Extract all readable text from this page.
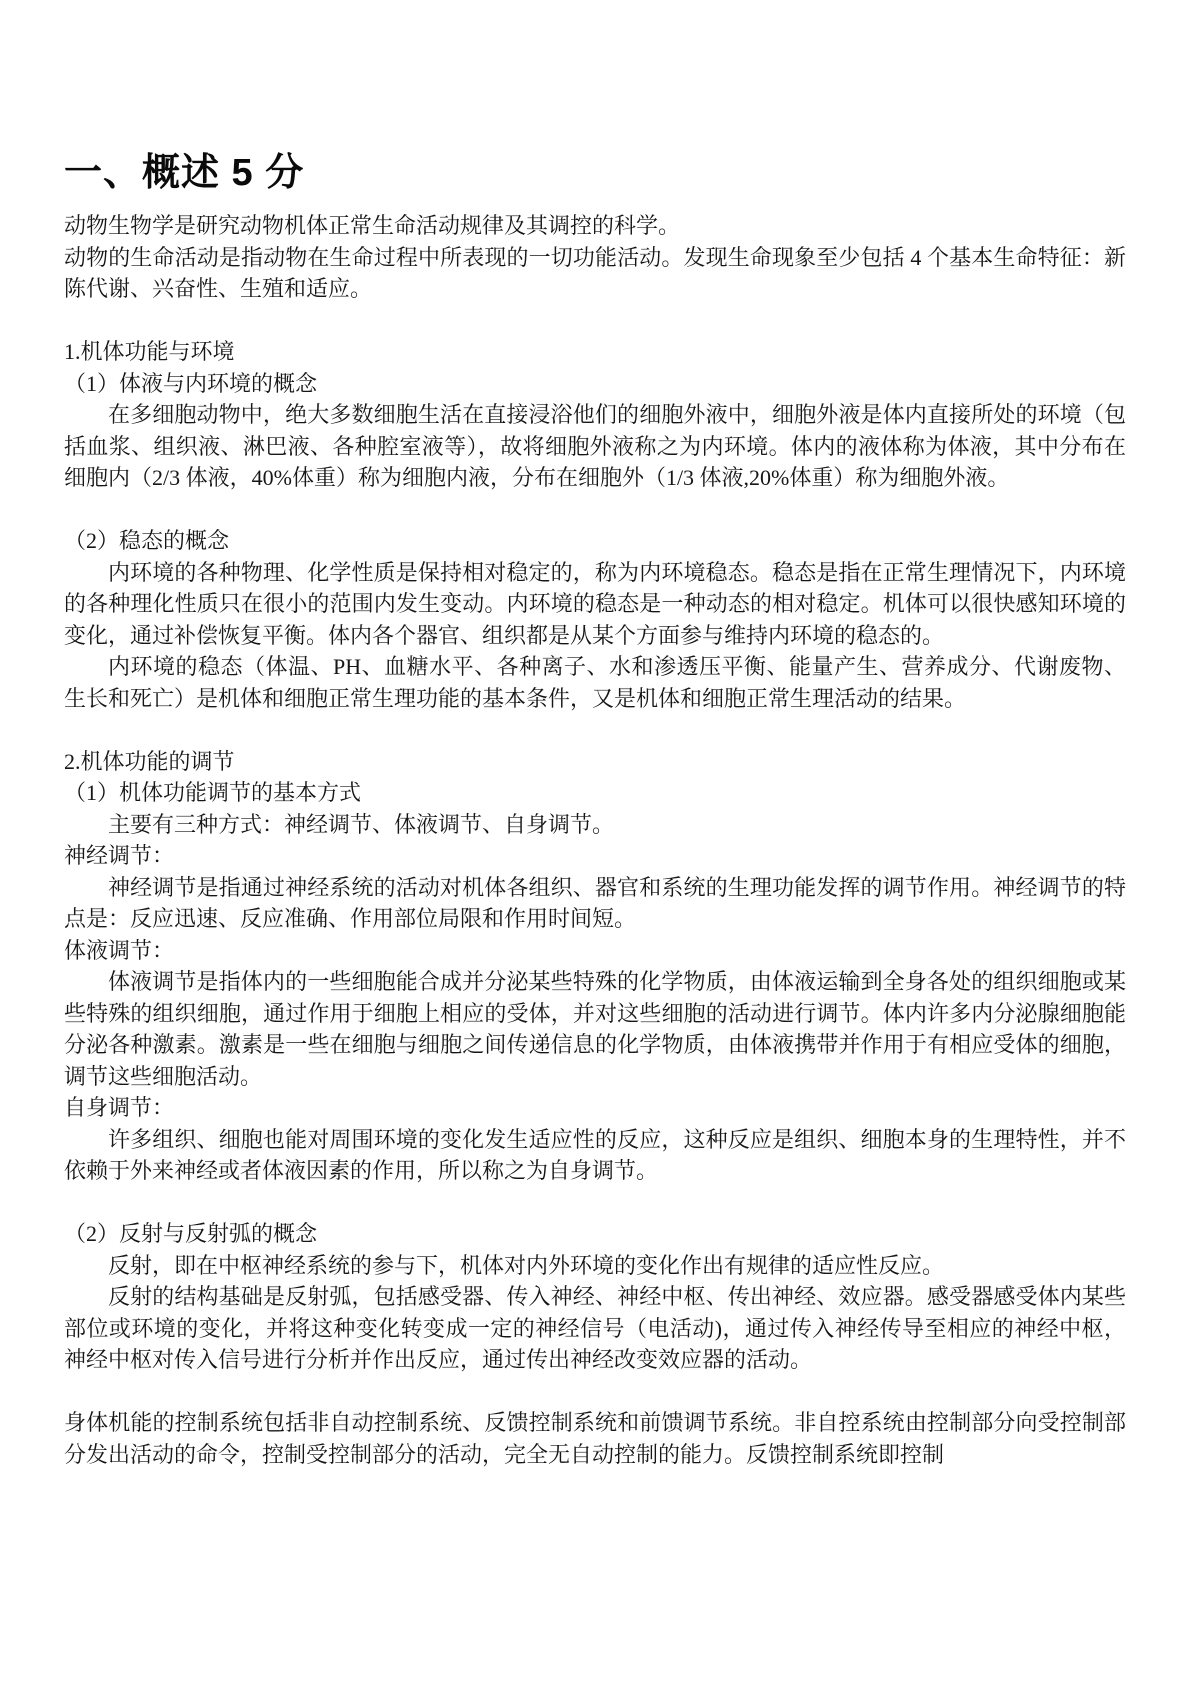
一、概述 5 分

动物生物学是研究动物机体正常生命活动规律及其调控的科学。

动物的生命活动是指动物在生命过程中所表现的一切功能活动。发现生命现象至少包括 4 个基本生命特征：新陈代谢、兴奋性、生殖和适应。

1.机体功能与环境

（1）体液与内环境的概念

在多细胞动物中，绝大多数细胞生活在直接浸浴他们的细胞外液中，细胞外液是体内直接所处的环境（包括血浆、组织液、淋巴液、各种腔室液等），故将细胞外液称之为内环境。体内的液体称为体液，其中分布在细胞内（2/3 体液，40%体重）称为细胞内液，分布在细胞外（1/3 体液,20%体重）称为细胞外液。

（2）稳态的概念

内环境的各种物理、化学性质是保持相对稳定的，称为内环境稳态。稳态是指在正常生理情况下，内环境的各种理化性质只在很小的范围内发生变动。内环境的稳态是一种动态的相对稳定。机体可以很快感知环境的变化，通过补偿恢复平衡。体内各个器官、组织都是从某个方面参与维持内环境的稳态的。

内环境的稳态（体温、PH、血糖水平、各种离子、水和渗透压平衡、能量产生、营养成分、代谢废物、生长和死亡）是机体和细胞正常生理功能的基本条件，又是机体和细胞正常生理活动的结果。

2.机体功能的调节

（1）机体功能调节的基本方式

主要有三种方式：神经调节、体液调节、自身调节。

神经调节：

神经调节是指通过神经系统的活动对机体各组织、器官和系统的生理功能发挥的调节作用。神经调节的特点是：反应迅速、反应准确、作用部位局限和作用时间短。

体液调节：

体液调节是指体内的一些细胞能合成并分泌某些特殊的化学物质，由体液运输到全身各处的组织细胞或某些特殊的组织细胞，通过作用于细胞上相应的受体，并对这些细胞的活动进行调节。体内许多内分泌腺细胞能分泌各种激素。激素是一些在细胞与细胞之间传递信息的化学物质，由体液携带并作用于有相应受体的细胞，调节这些细胞活动。

自身调节：

许多组织、细胞也能对周围环境的变化发生适应性的反应，这种反应是组织、细胞本身的生理特性，并不依赖于外来神经或者体液因素的作用，所以称之为自身调节。

（2）反射与反射弧的概念

反射，即在中枢神经系统的参与下，机体对内外环境的变化作出有规律的适应性反应。

反射的结构基础是反射弧，包括感受器、传入神经、神经中枢、传出神经、效应器。感受器感受体内某些部位或环境的变化，并将这种变化转变成一定的神经信号（电活动)，通过传入神经传导至相应的神经中枢，神经中枢对传入信号进行分析并作出反应，通过传出神经改变效应器的活动。

身体机能的控制系统包括非自动控制系统、反馈控制系统和前馈调节系统。非自控系统由控制部分向受控制部分发出活动的命令，控制受控制部分的活动，完全无自动控制的能力。反馈控制系统即控制
